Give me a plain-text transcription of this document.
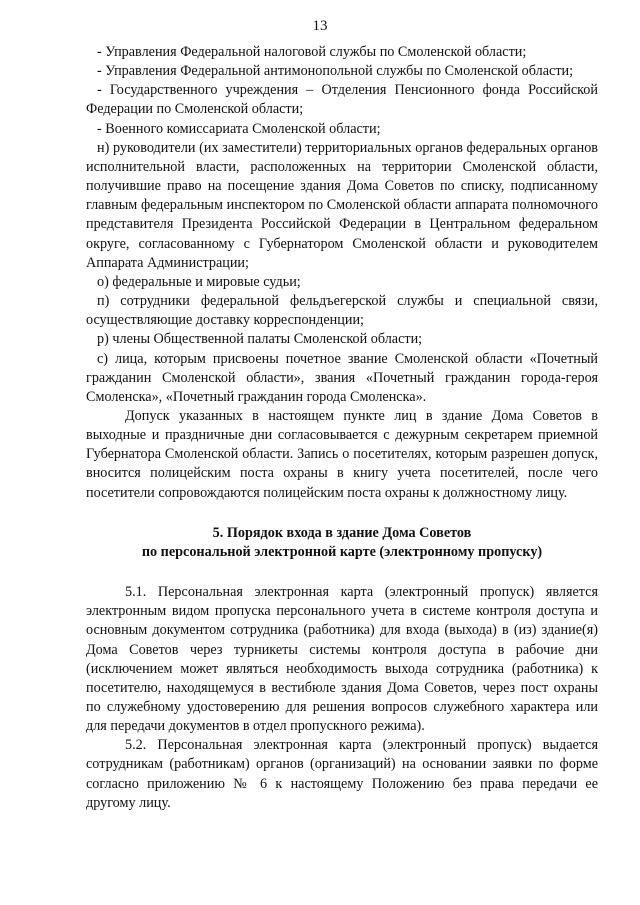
13

- Управления Федеральной налоговой службы по Смоленской области;

- Управления Федеральной антимонопольной службы по Смоленской области;

- Государственного учреждения – Отделения Пенсионного фонда Российской Федерации по Смоленской области;

- Военного комиссариата Смоленской области;

н) руководители (их заместители) территориальных органов федеральных органов исполнительной власти, расположенных на территории Смоленской области, получившие право на посещение здания Дома Советов по списку, подписанному главным федеральным инспектором по Смоленской области аппарата полномочного представителя Президента Российской Федерации в Центральном федеральном округе, согласованному с Губернатором Смоленской области и руководителем Аппарата Администрации;

о) федеральные и мировые судьи;

п) сотрудники федеральной фельдъегерской службы и специальной связи, осуществляющие доставку корреспонденции;

р) члены Общественной палаты Смоленской области;

с) лица, которым присвоены почетное звание Смоленской области «Почетный гражданин Смоленской области», звания «Почетный гражданин города-героя Смоленска», «Почетный гражданин города Смоленска».

Допуск указанных в настоящем пункте лиц в здание Дома Советов в выходные и праздничные дни согласовывается с дежурным секретарем приемной Губернатора Смоленской области. Запись о посетителях, которым разрешен допуск, вносится полицейским поста охраны в книгу учета посетителей, после чего посетители сопровождаются полицейским поста охраны к должностному лицу.

5. Порядок входа в здание Дома Советов

по персональной электронной карте (электронному пропуску)

5.1. Персональная электронная карта (электронный пропуск) является электронным видом пропуска персонального учета в системе контроля доступа и основным документом сотрудника (работника) для входа (выхода) в (из) здание(я) Дома Советов через турникеты системы контроля доступа в рабочие дни (исключением может являться необходимость выхода сотрудника (работника) к посетителю, находящемуся в вестибюле здания Дома Советов, через пост охраны по служебному удостоверению для решения вопросов служебного характера или для передачи документов в отдел пропускного режима).

5.2. Персональная электронная карта (электронный пропуск) выдается сотрудникам (работникам) органов (организаций) на основании заявки по форме согласно приложению № 6 к настоящему Положению без права передачи ее другому лицу.
